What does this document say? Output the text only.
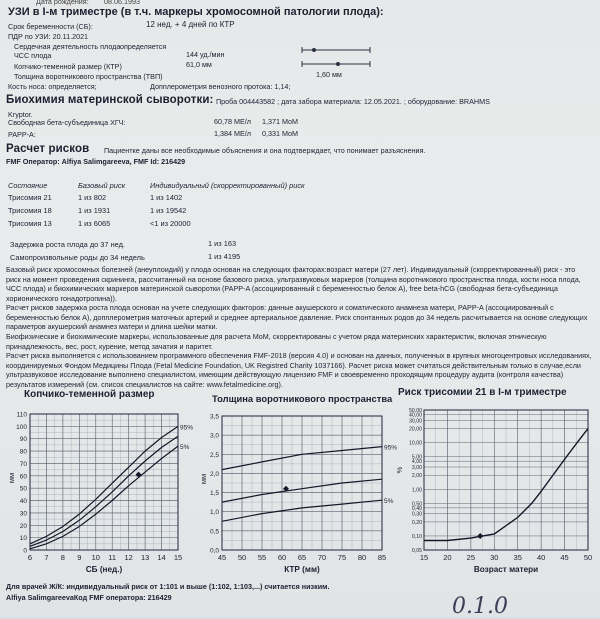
Дата рождения: 08.06.1993
УЗИ в I-м триместре (в т.ч. маркеры хромосомной патологии плода):
Срок беременности (СБ):	12 нед. + 4 дней по КТР
ПДР по УЗИ: 20.11.2021
Сердечная деятельность плода определяется
ЧСС плода	144 уд./мин
Копчико-теменной размер (КТР)	61,0 мм
1,60 мм
Толщина воротникового пространства (ТВП)
Кость носа: определяется;	Допплерометрия венозного протока: 1,14;
Биохимия материнской сыворотки: Проба 004443582 ; дата забора материала: 12.05.2021. ; оборудование: BRAHMS
Kryptor.
Свободная бета-субъединица ХГЧ:	60,78 МЕ/л 1,371 МоМ
PAPP-A:	1,384 МЕ/л 0,331 МоМ
Расчет рисков Пациентке даны все необходимые объяснения и она подтверждает, что понимает разъяснения.
FMF Оператор: Alfiya Salimgareeva, FMF Id: 216429
Состояние	Базовый риск	Индивидуальный (скорректированный) риск
Трисомия 21	1 из 802	1 из 1402
Трисомия 18	1 из 1931	1 из 19542
Трисомия 13	1 из 6065	<1 из 20000
Задержка роста плода до 37 нед.	1 из 163
Самопроизвольные роды до 34 недель	1 из 4195
Базовый риск хромосомных болезней (анеуплоидий) у плода основан на следующих факторах:возраст матери (27 лет). Индивидуальный (скорректированный) риск - это риск на момент проведения скрининга, рассчитанный на основе базового риска, ультразвуковых маркеров (толщина воротникового пространства плода, кости носа плода, ЧСС плода) и биохимических маркеров материнской сыворотки (PAPP-A (ассоциированный с беременностью белок А), free beta-hCG (свободная бета-субъединица хорионического гонадотропина)).
Расчет рисков задержка роста плода основан на учете следующих факторов: данные акушерского и соматического анамнеза матери, PAPP-A (ассоциированный с беременностью белок А), допплерометрия маточных артерий и среднее артериальное давление. Риск спонтанных родов до 34 недель расчитывается на основе следующих параметров акушерский анамнез матери и длина шейки матки.
Биофизические и биохимические маркеры, использованные для расчета МоМ, скорректированы с учетом ряда материнских характеристик, включая этническую принадлежность, вес, рост, курение, метод зачатия и паритет.
Расчет риска выполняется с использованием программного обеспечения FMF-2018 (версия 4.0) и основан на данных, полученных в крупных многоцентровых исследованиях, координируемых Фондом Медицины Плода (Fetal Medicine Foundation, UK Registred Charity 1037166). Расчет риска может считаться действительным только в случае,если ультразвуковое исследование выполнено специалистом, имеющим действующую лицензию FMF и своевременно проходящим процедуру аудита (контроля качества) результатов измерений (см. список специалистов на сайте: www.fetalmedicine.org).
Копчико-теменной размер	Толщина воротникового пространства
Риск трисомии 21 в I-м триместре
6 7 8 9 10 11 12 13 14 15
0
10
20
30
40
50
60
70
80
90
100
110
95%
5%
мм
СБ (нед.)
45 50 55 60 65 70 75 80 85
0,0
0,5
1,0
1,5
2,0
2,5
3,0
3,5
95%
5%
мм
КТР (мм)
15 20 25 30 35 40 45 50
0,05
0,10
0,20
0,30
0,40
0,50
1,00
2,00
3,00
4,00
5,00
10,00
20,00
30,00
40,00
50,00
%
Возраст матери
Для врачей Ж/К: индивидуальный риск от 1:101 и выше (1:102, 1:103,...) считается низким.
Alfiya SalimgareevaКод FMF оператора: 216429	0.1.0
